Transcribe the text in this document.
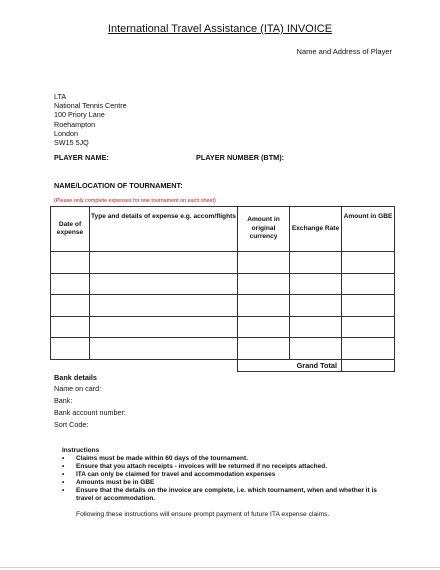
International Travel Assistance (ITA) INVOICE
Name and Address of Player
LTA
National Tennis Centre
100 Priory Lane
Roehampton
London
SW15 5JQ
PLAYER NAME:	PLAYER NUMBER (BTM):
NAME/LOCATION OF TOURNAMENT:
(Please only complete expenses for one tournament on each sheet)
Date of expense	Type and details of expense e.g. accom/flights	Amount in original currency	Exchange Rate	Amount in GBE

		Grand Total		
Bank details
Name on card:
Bank:
Bank account number:
Sort Code:
Instructions
•	Claims must be made within 60 days of the tournament.
•	Ensure that you attach receipts - invoices will be returned if no receipts attached.
•	ITA can only be claimed for travel and accommodation expenses
•	Amounts must be in GBE
•	Ensure that the details on the invoice are complete, i.e. which tournament, when and whether it is travel or accommodation.
Following these instructions will ensure prompt payment of future ITA expense claims.
